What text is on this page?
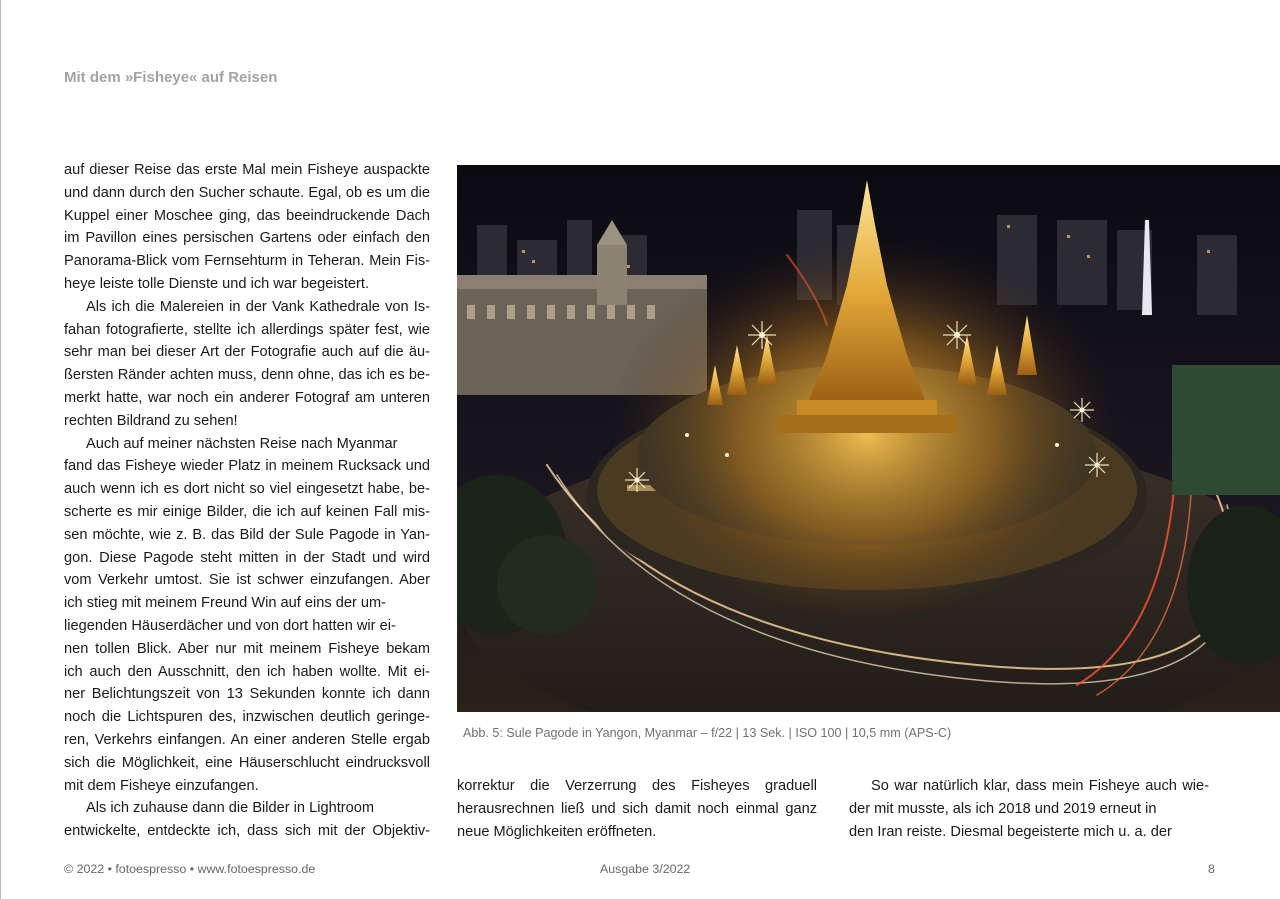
Mit dem »Fisheye« auf Reisen
auf dieser Reise das erste Mal mein Fisheye auspackte
und dann durch den Sucher schaute. Egal, ob es um die
Kuppel einer Moschee ging, das beeindruckende Dach
im Pavillon eines persischen Gartens oder einfach den
Panorama-Blick vom Fernsehturm in Teheran. Mein Fis-
heye leiste tolle Dienste und ich war begeistert.
Als ich die Malereien in der Vank Kathedrale von Is-
fahan fotografierte, stellte ich allerdings später fest, wie
sehr man bei dieser Art der Fotografie auch auf die äu-
ßersten Ränder achten muss, denn ohne, das ich es be-
merkt hatte, war noch ein anderer Fotograf am unteren
rechten Bildrand zu sehen!
Auch auf meiner nächsten Reise nach Myanmar
fand das Fisheye wieder Platz in meinem Rucksack und
auch wenn ich es dort nicht so viel eingesetzt habe, be-
scherte es mir einige Bilder, die ich auf keinen Fall mis-
sen möchte, wie z. B. das Bild der Sule Pagode in Yan-
gon. Diese Pagode steht mitten in der Stadt und wird
vom Verkehr umtost. Sie ist schwer einzufangen. Aber
ich stieg mit meinem Freund Win auf eins der um-
liegenden Häuserdächer und von dort hatten wir ei-
nen tollen Blick. Aber nur mit meinem Fisheye bekam
ich auch den Ausschnitt, den ich haben wollte. Mit ei-
ner Belichtungszeit von 13 Sekunden konnte ich dann
noch die Lichtspuren des, inzwischen deutlich geringe-
ren, Verkehrs einfangen. An einer anderen Stelle ergab
sich die Möglichkeit, eine Häuserschlucht eindrucksvoll
mit dem Fisheye einzufangen.
Als ich zuhause dann die Bilder in Lightroom
entwickelte, entdeckte ich, dass sich mit der Objektiv-
Abb. 5: Sule Pagode in Yangon, Myanmar – f/22 | 13 Sek. | ISO 100 | 10,5 mm (APS-C)
korrektur die Verzerrung des Fisheyes graduell
herausrechnen ließ und sich damit noch einmal ganz
neue Möglichkeiten eröffneten.
So war natürlich klar, dass mein Fisheye auch wie-
der mit musste, als ich 2018 und 2019 erneut in
den Iran reiste. Diesmal begeisterte mich u. a. der
© 2022 • fotoespresso • www.fotoespresso.de	Ausgabe 3/2022	8
